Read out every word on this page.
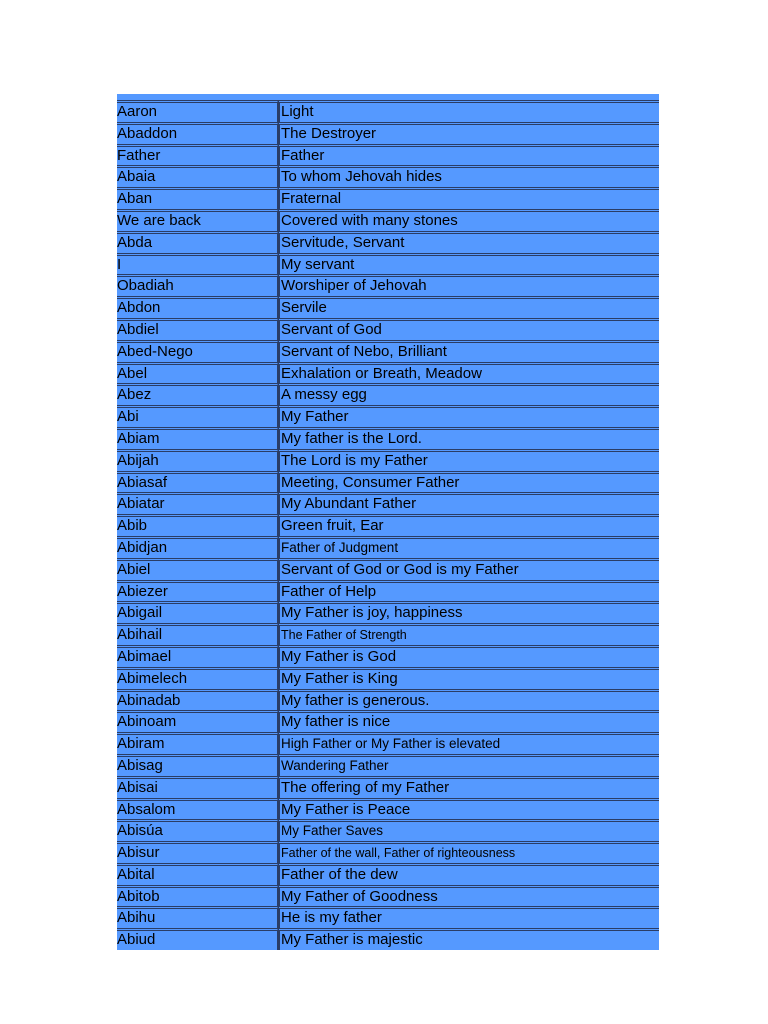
Aaron	Light
Abaddon	The Destroyer
Father	Father
Abaia	To whom Jehovah hides
Aban	Fraternal
We are back	Covered with many stones
Abda	Servitude, Servant
I	My servant
Obadiah	Worshiper of Jehovah
Abdon	Servile
Abdiel	Servant of God
Abed-Nego	Servant of Nebo, Brilliant
Abel	Exhalation or Breath, Meadow
Abez	A messy egg
Abi	My Father
Abiam	My father is the Lord.
Abijah	The Lord is my Father
Abiasaf	Meeting, Consumer Father
Abiatar	My Abundant Father
Abib	Green fruit, Ear
Abidjan	Father of Judgment
Abiel	Servant of God or God is my Father
Abiezer	Father of Help
Abigail	My Father is joy, happiness
Abihail	The Father of Strength
Abimael	My Father is God
Abimelech	My Father is King
Abinadab	My father is generous.
Abinoam	My father is nice
Abiram	High Father or My Father is elevated
Abisag	Wandering Father
Abisai	The offering of my Father
Absalom	My Father is Peace
Abisúa	My Father Saves
Abisur	Father of the wall, Father of righteousness
Abital	Father of the dew
Abitob	My Father of Goodness
Abihu	He is my father
Abiud	My Father is majestic
